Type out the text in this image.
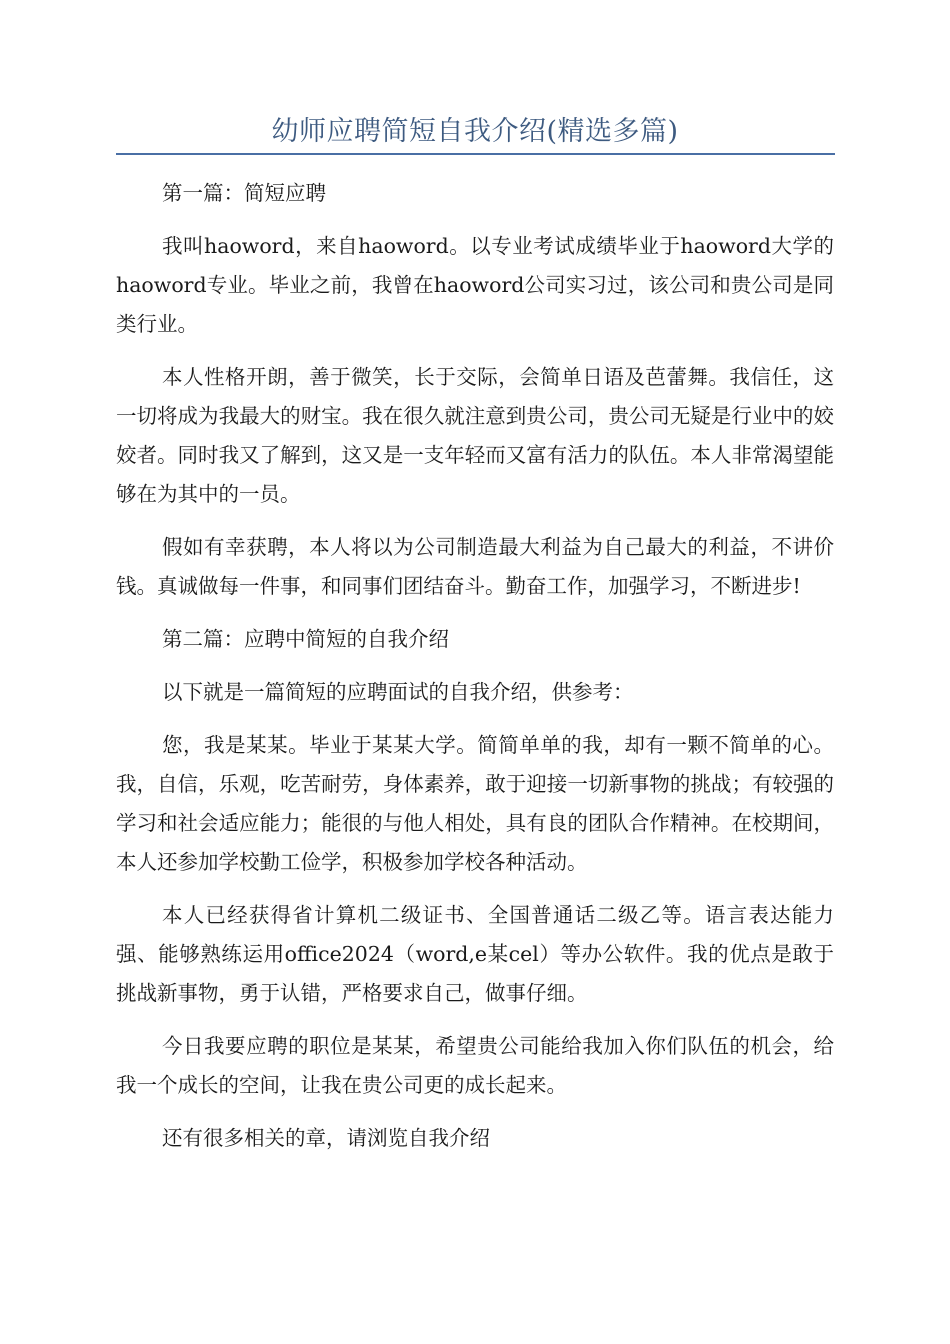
幼师应聘简短自我介绍(精选多篇)

第一篇：简短应聘

我叫haoword，来自haoword。以专业考试成绩毕业于haoword大学的haoword专业。毕业之前，我曾在haoword公司实习过，该公司和贵公司是同类行业。

本人性格开朗，善于微笑，长于交际，会简单日语及芭蕾舞。我信任，这一切将成为我最大的财宝。我在很久就注意到贵公司，贵公司无疑是行业中的姣姣者。同时我又了解到，这又是一支年轻而又富有活力的队伍。本人非常渴望能够在为其中的一员。

假如有幸获聘，本人将以为公司制造最大利益为自己最大的利益，不讲价钱。真诚做每一件事，和同事们团结奋斗。勤奋工作，加强学习，不断进步!

第二篇：应聘中简短的自我介绍

以下就是一篇简短的应聘面试的自我介绍，供参考：

您，我是某某。毕业于某某大学。简简单单的我，却有一颗不简单的心。我，自信，乐观，吃苦耐劳，身体素养，敢于迎接一切新事物的挑战；有较强的学习和社会适应能力；能很的与他人相处，具有良的团队合作精神。在校期间，本人还参加学校勤工俭学，积极参加学校各种活动。

本人已经获得省计算机二级证书、全国普通话二级乙等。语言表达能力强、能够熟练运用office2024（word,e某cel）等办公软件。我的优点是敢于挑战新事物，勇于认错，严格要求自己，做事仔细。

今日我要应聘的职位是某某，希望贵公司能给我加入你们队伍的机会，给我一个成长的空间，让我在贵公司更的成长起来。

还有很多相关的章，请浏览自我介绍
